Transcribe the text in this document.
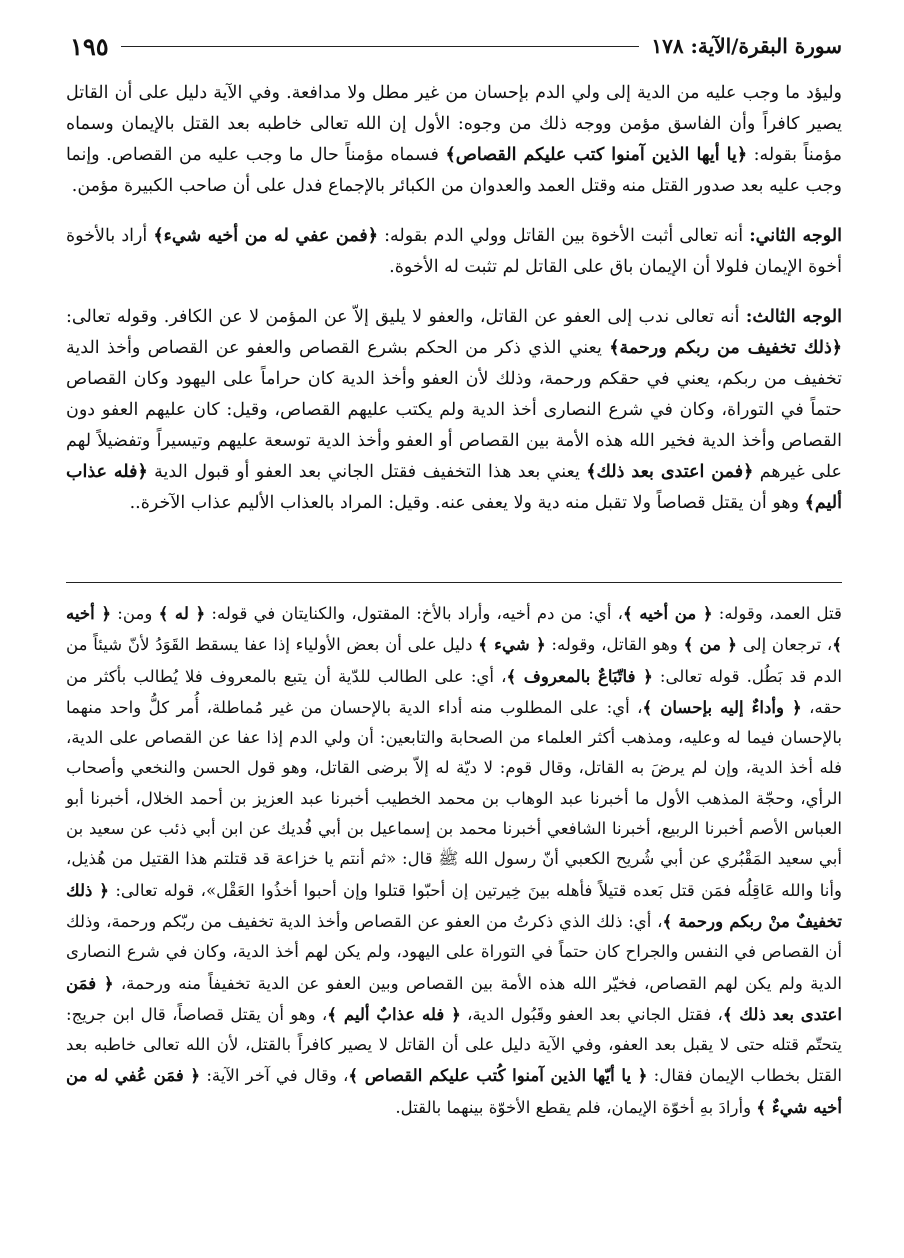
سورة البقرة/الآية: ١٧٨
١٩٥

وليؤد ما وجب عليه من الدية إلى ولي الدم بإحسان من غير مطل ولا مدافعة. وفي الآية دليل على أن القاتل يصير كافراً وأن الفاسق مؤمن ووجه ذلك من وجوه: الأول إن الله تعالى خاطبه بعد القتل بالإيمان وسماه مؤمناً بقوله: ﴿يا أيها الذين آمنوا كتب عليكم القصاص﴾ فسماه مؤمناً حال ما وجب عليه من القصاص. وإنما وجب عليه بعد صدور القتل منه وقتل العمد والعدوان من الكبائر بالإجماع فدل على أن صاحب الكبيرة مؤمن.

الوجه الثاني: أنه تعالى أثبت الأخوة بين القاتل وولي الدم بقوله: ﴿فمن عفي له من أخيه شيء﴾ أراد بالأخوة أخوة الإيمان فلولا أن الإيمان باق على القاتل لم تثبت له الأخوة.

الوجه الثالث: أنه تعالى ندب إلى العفو عن القاتل، والعفو لا يليق إلاّ عن المؤمن لا عن الكافر. وقوله تعالى: ﴿ذلك تخفيف من ربكم ورحمة﴾ يعني الذي ذكر من الحكم بشرع القصاص والعفو عن القصاص وأخذ الدية تخفيف من ربكم، يعني في حقكم ورحمة، وذلك لأن العفو وأخذ الدية كان حراماً على اليهود وكان القصاص حتماً في التوراة، وكان في شرع النصارى أخذ الدية ولم يكتب عليهم القصاص، وقيل: كان عليهم العفو دون القصاص وأخذ الدية فخير الله هذه الأمة بين القصاص أو العفو وأخذ الدية توسعة عليهم وتيسيراً وتفضيلاً لهم على غيرهم ﴿فمن اعتدى بعد ذلك﴾ يعني بعد هذا التخفيف فقتل الجاني بعد العفو أو قبول الدية ﴿فله عذاب أليم﴾ وهو أن يقتل قصاصاً ولا تقبل منه دية ولا يعفى عنه. وقيل: المراد بالعذاب الأليم عذاب الآخرة..

قتل العمد، وقوله: ﴿ من أخيه ﴾، أي: من دم أخيه، وأراد بالأخ: المقتول، والكنايتان في قوله: ﴿ له ﴾ ومن: ﴿ أخيه ﴾، ترجعان إلى ﴿ من ﴾ وهو القاتل، وقوله: ﴿ شيء ﴾ دليل على أن بعض الأولياء إذا عفا يسقط القَوَدُ لأنّ شيئاً من الدم قد بَطُل. قوله تعالى: ﴿ فاتّبَاعٌ بالمعروف ﴾، أي: على الطالب للدّية أن يتبع بالمعروف فلا يُطالب بأكثر من حقه، ﴿ وأداءٌ إليه بإحسان ﴾، أي: على المطلوب منه أداء الدية بالإحسان من غير مُماطلة، أُمر كلُّ واحد منهما بالإحسان فيما له وعليه، ومذهب أكثر العلماء من الصحابة والتابعين: أن ولي الدم إذا عفا عن القصاص على الدية، فله أخذ الدية، وإن لم يرضَ به القاتل، وقال قوم: لا ديّة له إلاّ برضى القاتل، وهو قول الحسن والنخعي وأصحاب الرأي، وحجّة المذهب الأول ما أخبرنا عبد الوهاب بن محمد الخطيب أخبرنا عبد العزيز بن أحمد الخلال، أخبرنا أبو العباس الأصم أخبرنا الربيع، أخبرنا الشافعي أخبرنا محمد بن إسماعيل بن أبي فُديك عن ابن أبي ذئب عن سعيد بن أبي سعيد المَقْبُري عن أبي شُريح الكعبي أنّ رسول الله ﷺ قال: «ثم أنتم يا خزاعة قد قتلتم هذا القتيل من هُذيل، وأنا والله عَاقِلُه فمَن قتل بَعده قتيلاً فأهله بينَ خِيرتين إن أحبّوا قتلوا وإن أحبوا أخذُوا العَقْل»، قوله تعالى: ﴿ ذلك تخفيفٌ منْ ربكم ورحمة ﴾، أي: ذلك الذي ذكرتُ من العفو عن القصاص وأخذ الدية تخفيف من ربّكم ورحمة، وذلك أن القصاص في النفس والجراح كان حتماً في التوراة على اليهود، ولم يكن لهم أخذ الدية، وكان في شرع النصارى الدية ولم يكن لهم القصاص، فخيّر الله هذه الأمة بين القصاص وبين العفو عن الدية تخفيفاً منه ورحمة، ﴿ فمَن اعتدى بعد ذلك ﴾، فقتل الجاني بعد العفو وقَبُول الدية، ﴿ فله عذابٌ أليم ﴾، وهو أن يقتل قصاصاً، قال ابن جريج: يتحتّم قتله حتى لا يقبل بعد العفو، وفي الآية دليل على أن القاتل لا يصير كافراً بالقتل، لأن الله تعالى خاطبه بعد القتل بخطاب الإيمان فقال: ﴿ يا أيّها الذين آمنوا كُتب عليكم القصاص ﴾، وقال في آخر الآية: ﴿ فمَن عُفي له من أخيه شيءٌ ﴾ وأرادَ بهِ أخوّة الإيمان، فلم يقطع الأخوّة بينهما بالقتل.
